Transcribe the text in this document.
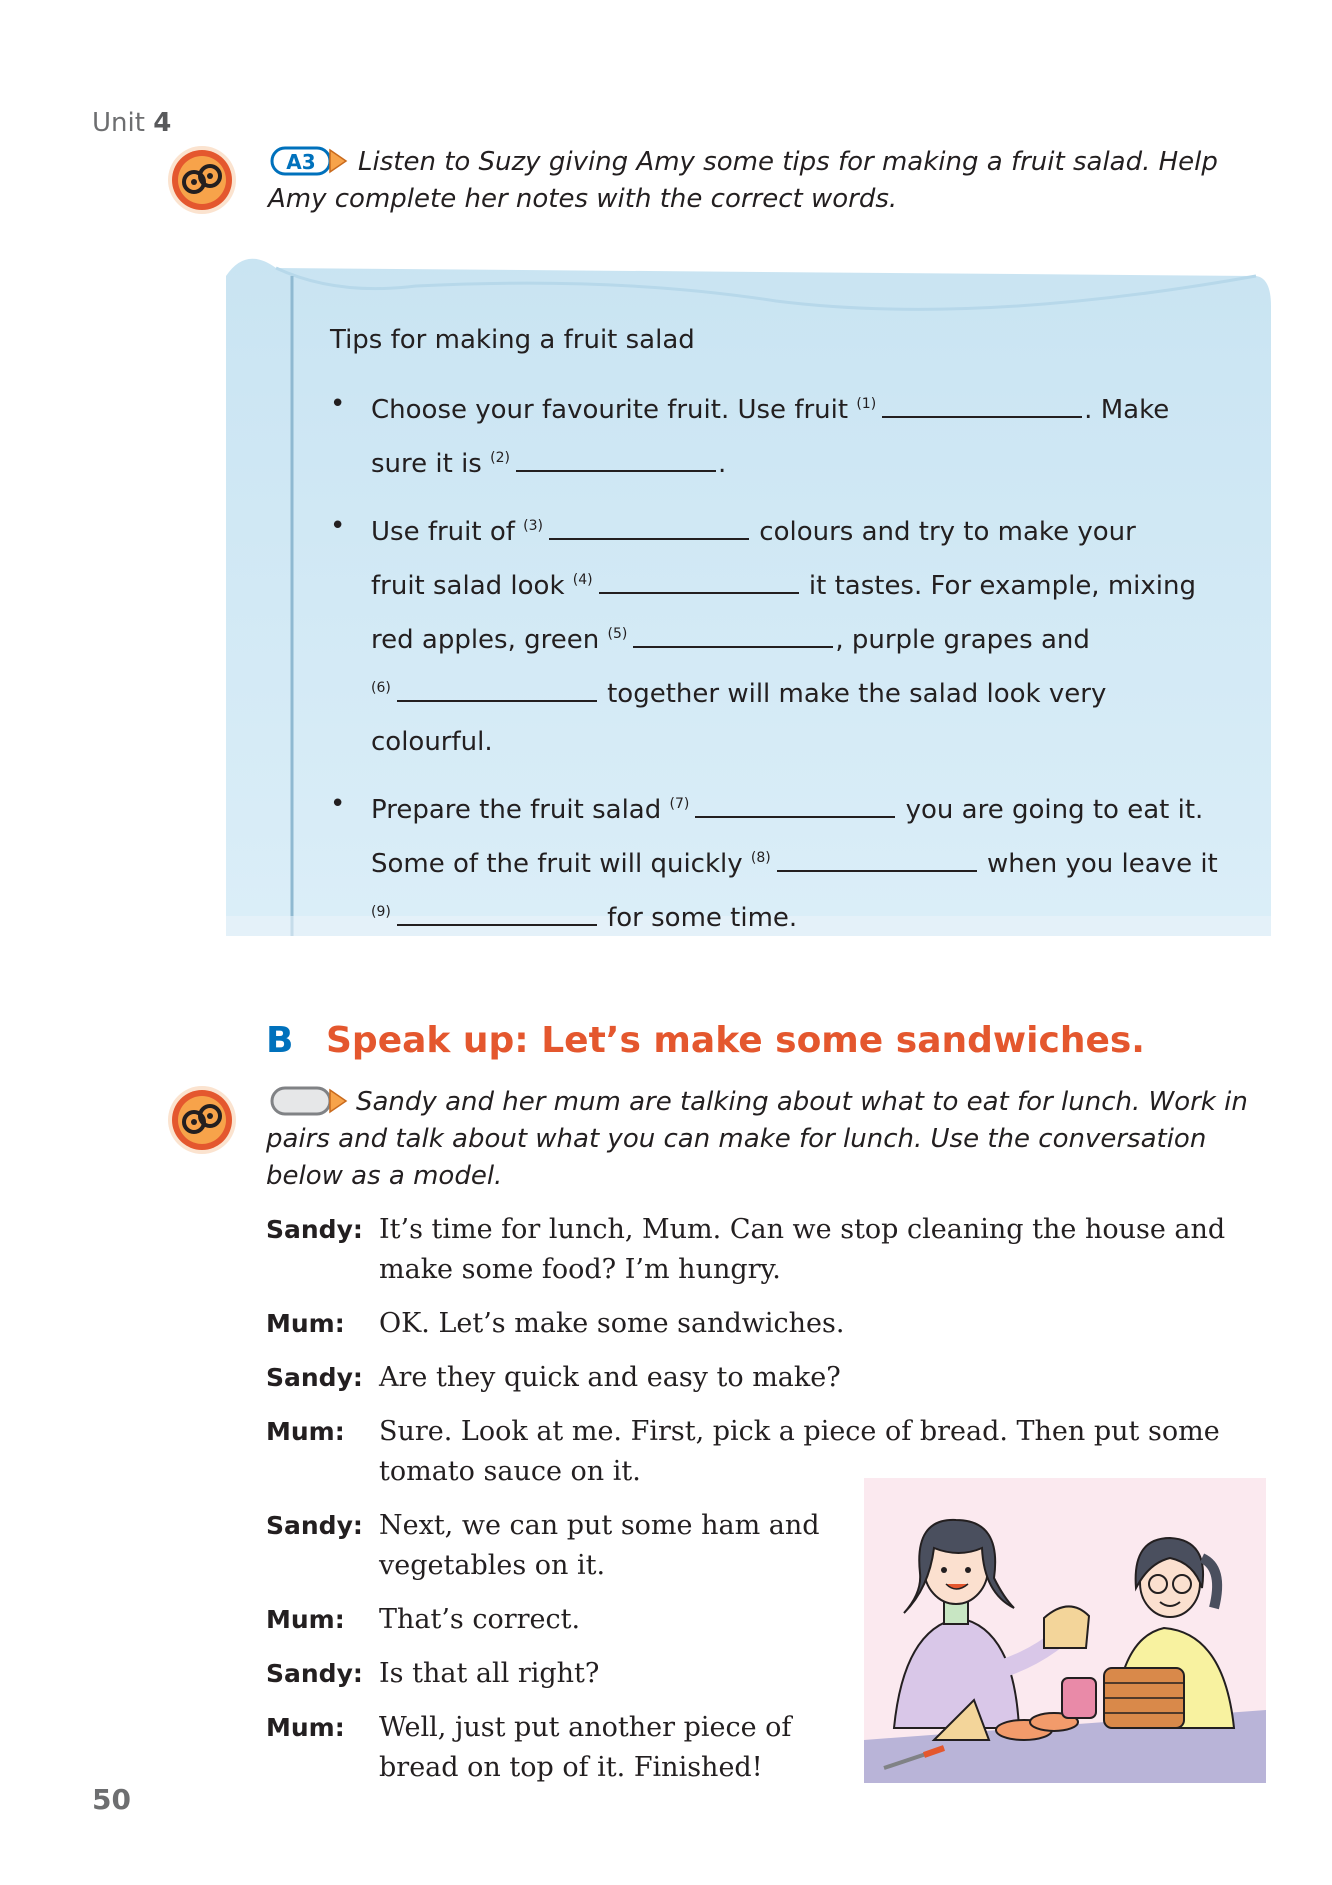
Unit 4
A3	Listen to Suzy giving Amy some tips for making a fruit salad. Help Amy complete her notes with the correct words.
Tips for making a fruit salad
• Choose your favourite fruit. Use fruit $^{(1)}$	. Make
sure it is $^{(2)}$	.
• Use fruit of $^{(3)}$	colours and try to make your
fruit salad look $^{(4)}$	it tastes. For example, mixing
red apples, green $^{(5)}$	, purple grapes and
$^{(6)}$	together will make the salad look very
colourful.
• Prepare the fruit salad $^{(7)}$	you are going to eat it.
Some of the fruit will quickly $^{(8)}$	when you leave it
$^{(9)}$	for some time.
B Speak up: Let’s make some sandwiches.
Sandy and her mum are talking about what to eat for lunch. Work in pairs and talk about what you can make for lunch. Use the conversation below as a model.
Sandy: It’s time for lunch, Mum. Can we stop cleaning the house and make some food? I’m hungry.
Mum:	OK. Let’s make some sandwiches.
Sandy: Are they quick and easy to make?
Mum:	Sure. Look at me. First, pick a piece of bread. Then put some tomato sauce on it.
Sandy: Next, we can put some ham and vegetables on it.
Mum:	That’s correct.
Sandy: Is that all right?
Mum:	Well, just put another piece of bread on top of it. Finished!
50
